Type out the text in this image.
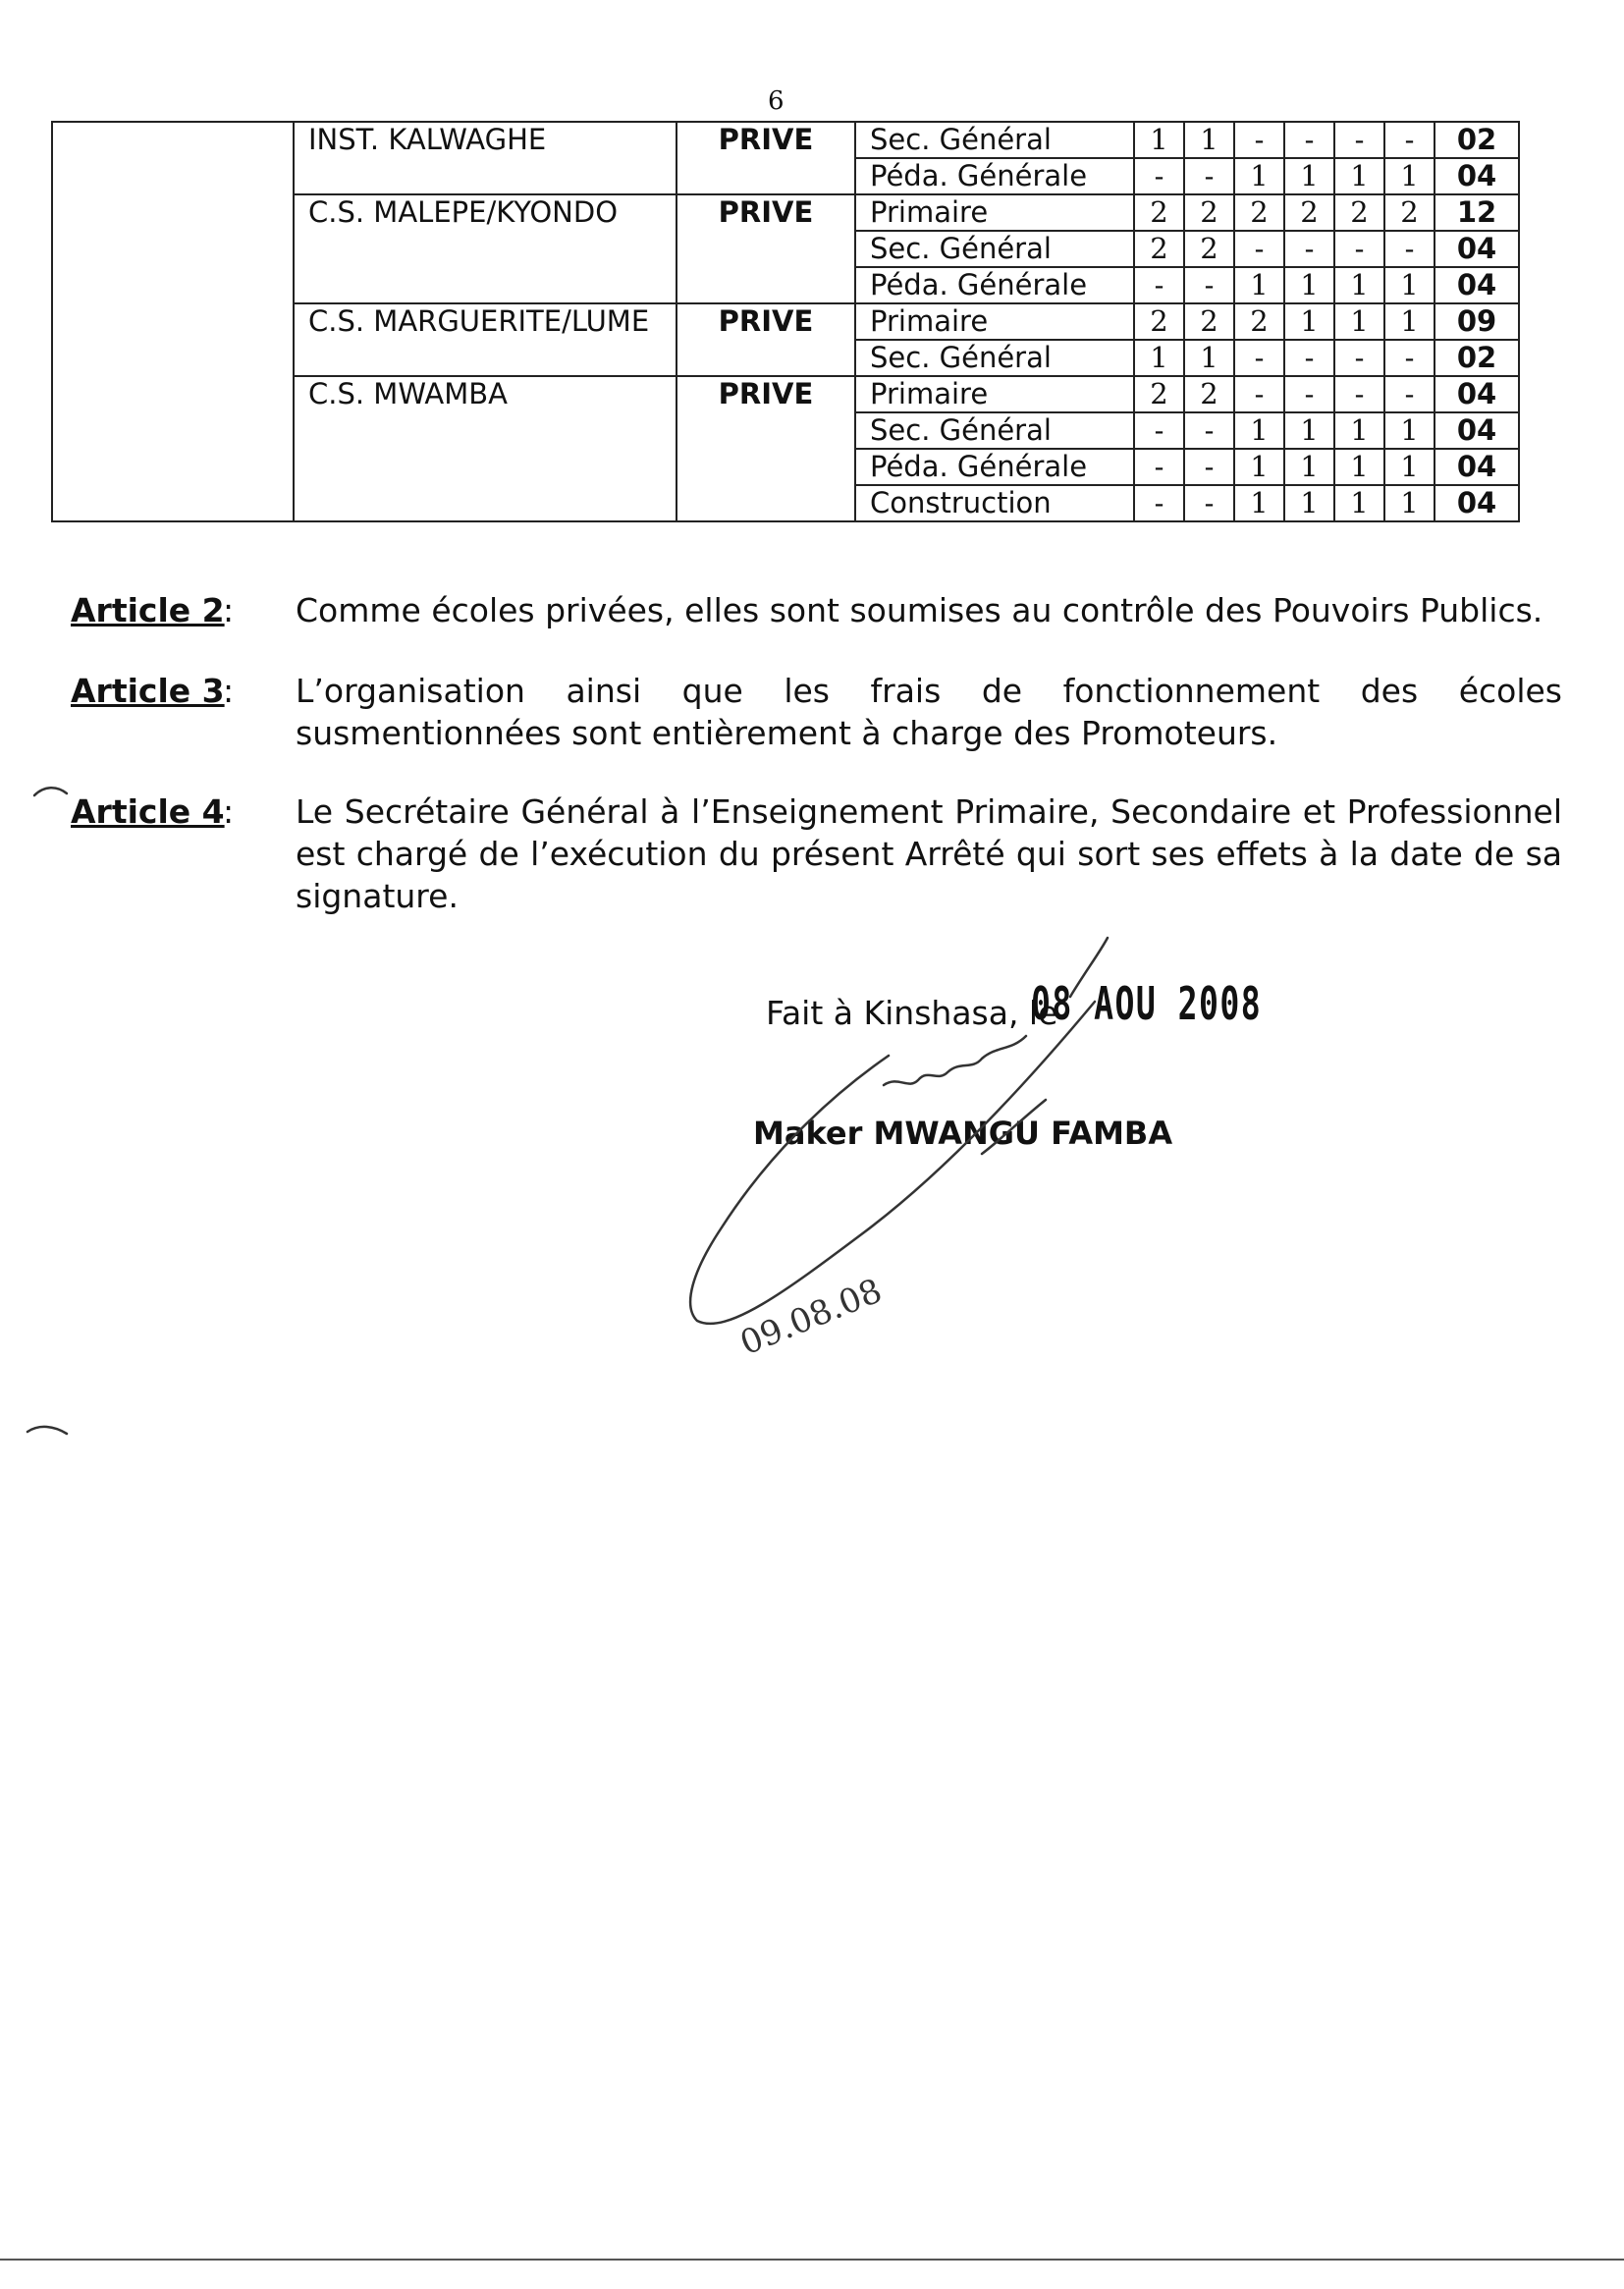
6
	INST. KALWAGHE	PRIVE	Sec. Général	1	1	-	-	-	-	02
			Péda. Générale	-	-	1	1	1	1	04
	C.S. MALEPE/KYONDO	PRIVE	Primaire	2	2	2	2	2	2	12
			Sec. Général	2	2	-	-	-	-	04
			Péda. Générale	-	-	1	1	1	1	04
	C.S. MARGUERITE/LUME	PRIVE	Primaire	2	2	2	1	1	1	09
			Sec. Général	1	1	-	-	-	-	02
	C.S. MWAMBA	PRIVE	Primaire	2	2	-	-	-	-	04
			Sec. Général	-	-	1	1	1	1	04
			Péda. Générale	-	-	1	1	1	1	04
			Construction	-	-	1	1	1	1	04
Article 2
: Comme écoles privées, elles sont soumises au contrôle des Pouvoirs Publics.
Article 3
: L’organisation ainsi que les frais de fonctionnement des écoles susmentionnées sont entièrement à charge des Promoteurs.
Article 4
: Le Secrétaire Général à l’Enseignement Primaire, Secondaire et Professionnel est chargé de l’exécution du présent Arrêté qui sort ses effets à la date de sa signature.
Fait à Kinshasa, le
08 AOU 2008
Maker MWANGU FAMBA
09.08.08
